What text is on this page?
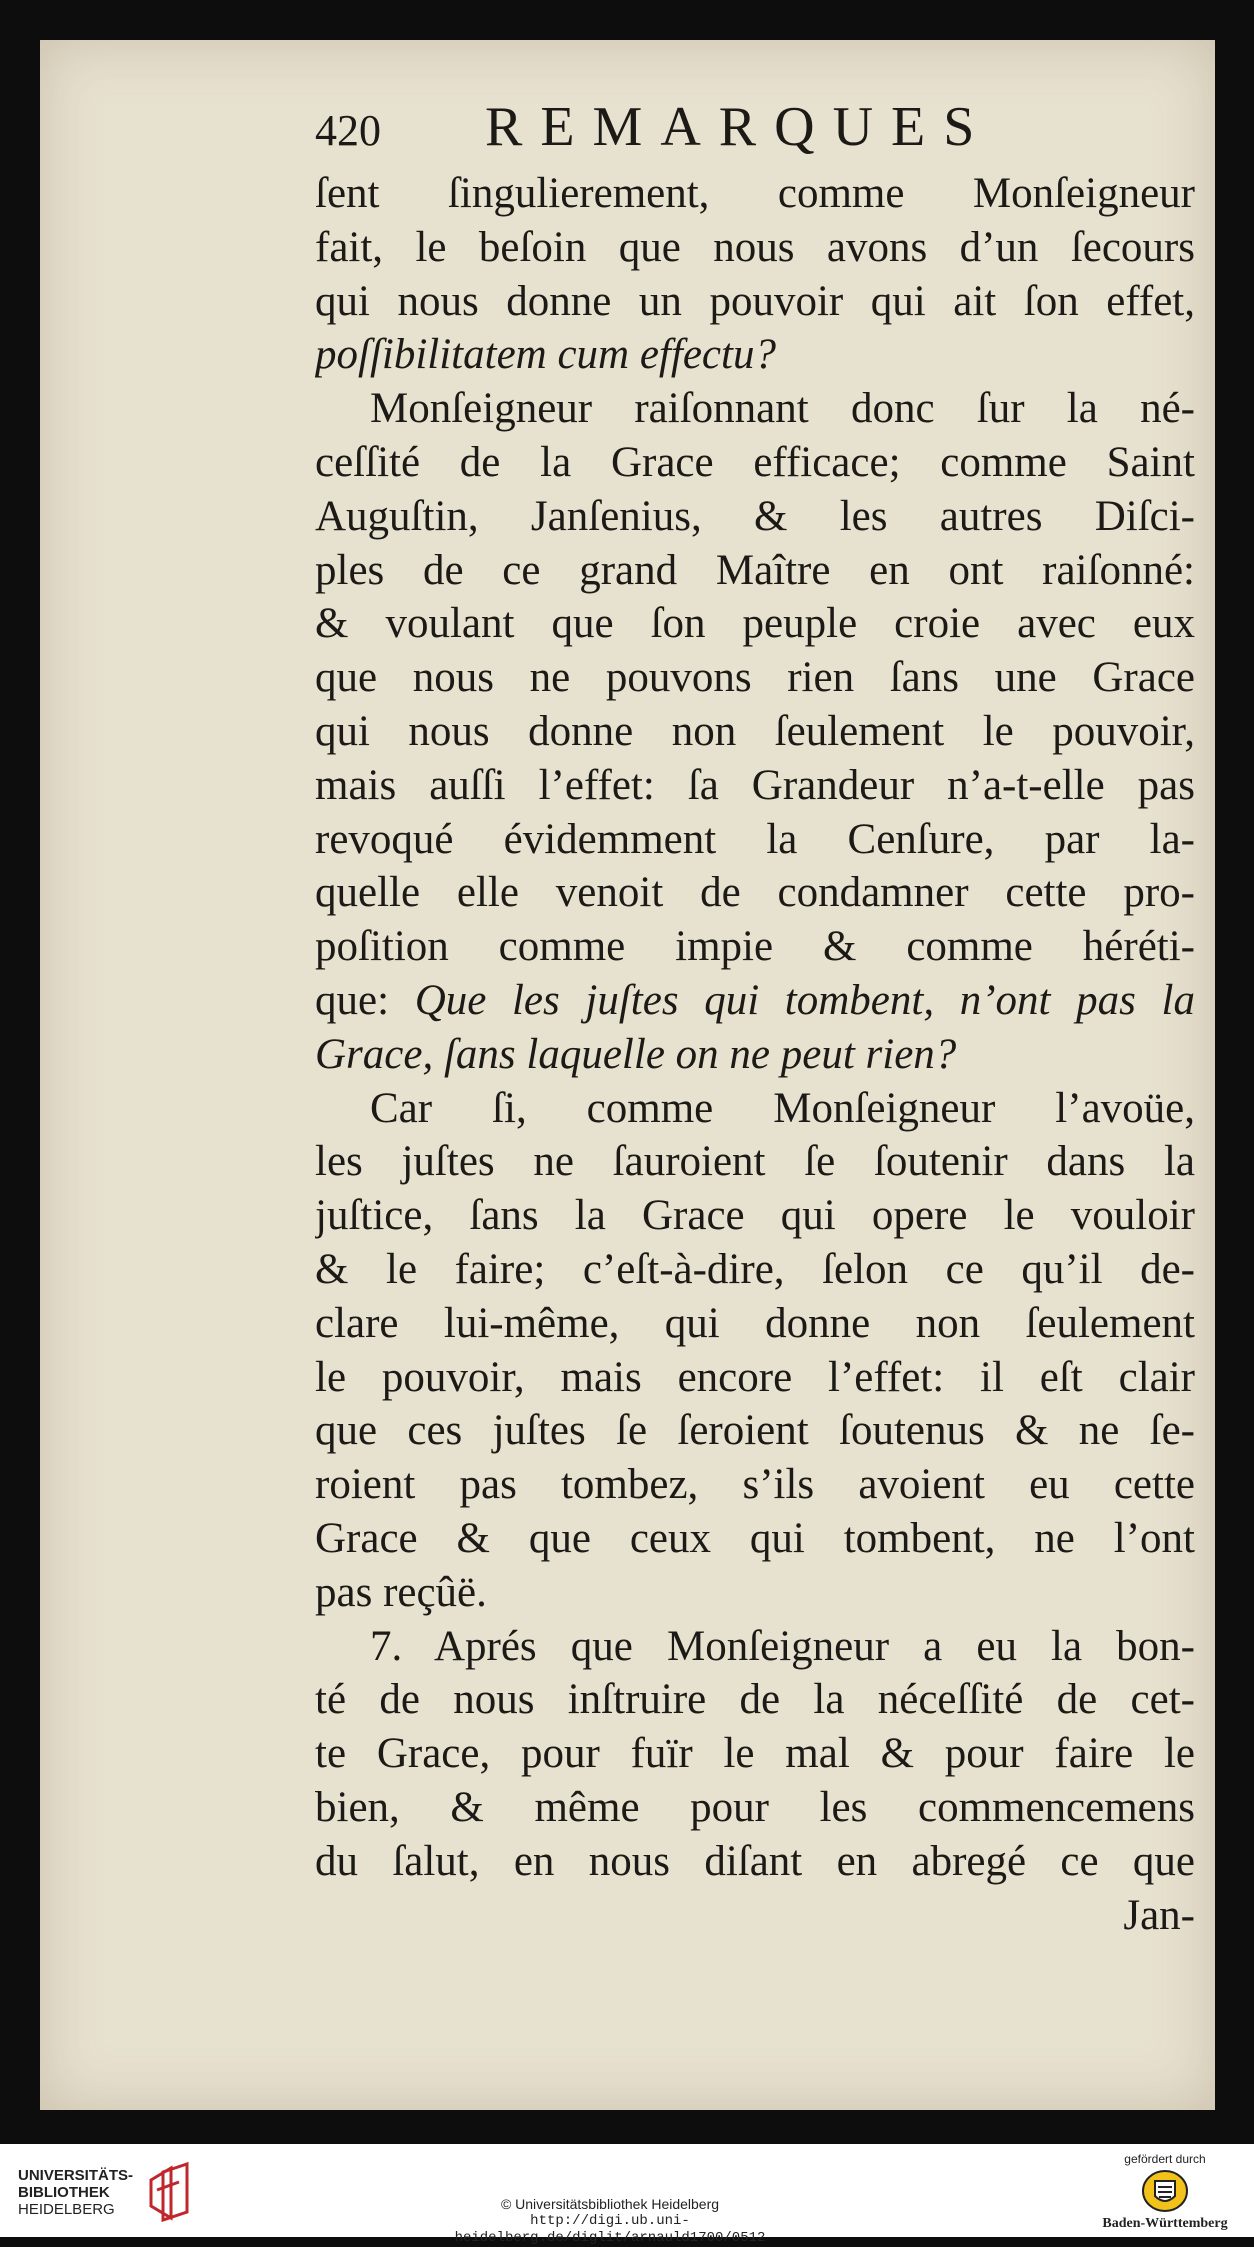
420	REMARQUES
ſent ſingulierement, comme Monſeigneur
fait, le beſoin que nous avons d’un ſecours
qui nous donne un pouvoir qui ait ſon effet,
poſſibilitatem cum effectu?
Monſeigneur raiſonnant donc ſur la né-
ceſſité de la Grace efficace; comme Saint
Auguſtin, Janſenius, & les autres Diſci-
ples de ce grand Maître en ont raiſonné:
& voulant que ſon peuple croie avec eux
que nous ne pouvons rien ſans une Grace
qui nous donne non ſeulement le pouvoir,
mais auſſi l’effet: ſa Grandeur n’a-t-elle pas
revoqué évidemment la Cenſure, par la-
quelle elle venoit de condamner cette pro-
poſition comme impie & comme héréti-
que: Que les juſtes qui tombent, n’ont pas la
Grace, ſans laquelle on ne peut rien?
Car ſi, comme Monſeigneur l’avoüe,
les juſtes ne ſauroient ſe ſoutenir dans la
juſtice, ſans la Grace qui opere le vouloir
& le faire; c’eſt-à-dire, ſelon ce qu’il de-
clare lui-même, qui donne non ſeulement
le pouvoir, mais encore l’effet: il eſt clair
que ces juſtes ſe ſeroient ſoutenus & ne ſe-
roient pas tombez, s’ils avoient eu cette
Grace & que ceux qui tombent, ne l’ont
pas reçûë.
7. Aprés que Monſeigneur a eu la bon-
té de nous inſtruire de la néceſſité de cet-
te Grace, pour fuïr le mal & pour faire le
bien, & même pour les commencemens
du ſalut, en nous diſant en abregé ce que
Jan-
UNIVERSITÄTS-
BIBLIOTHEK
HEIDELBERG	© Universitätsbibliothek Heidelberg
http://digi.ub.uni-heidelberg.de/diglit/arnauld1700/0512
gefördert durch
Baden-Württemberg
